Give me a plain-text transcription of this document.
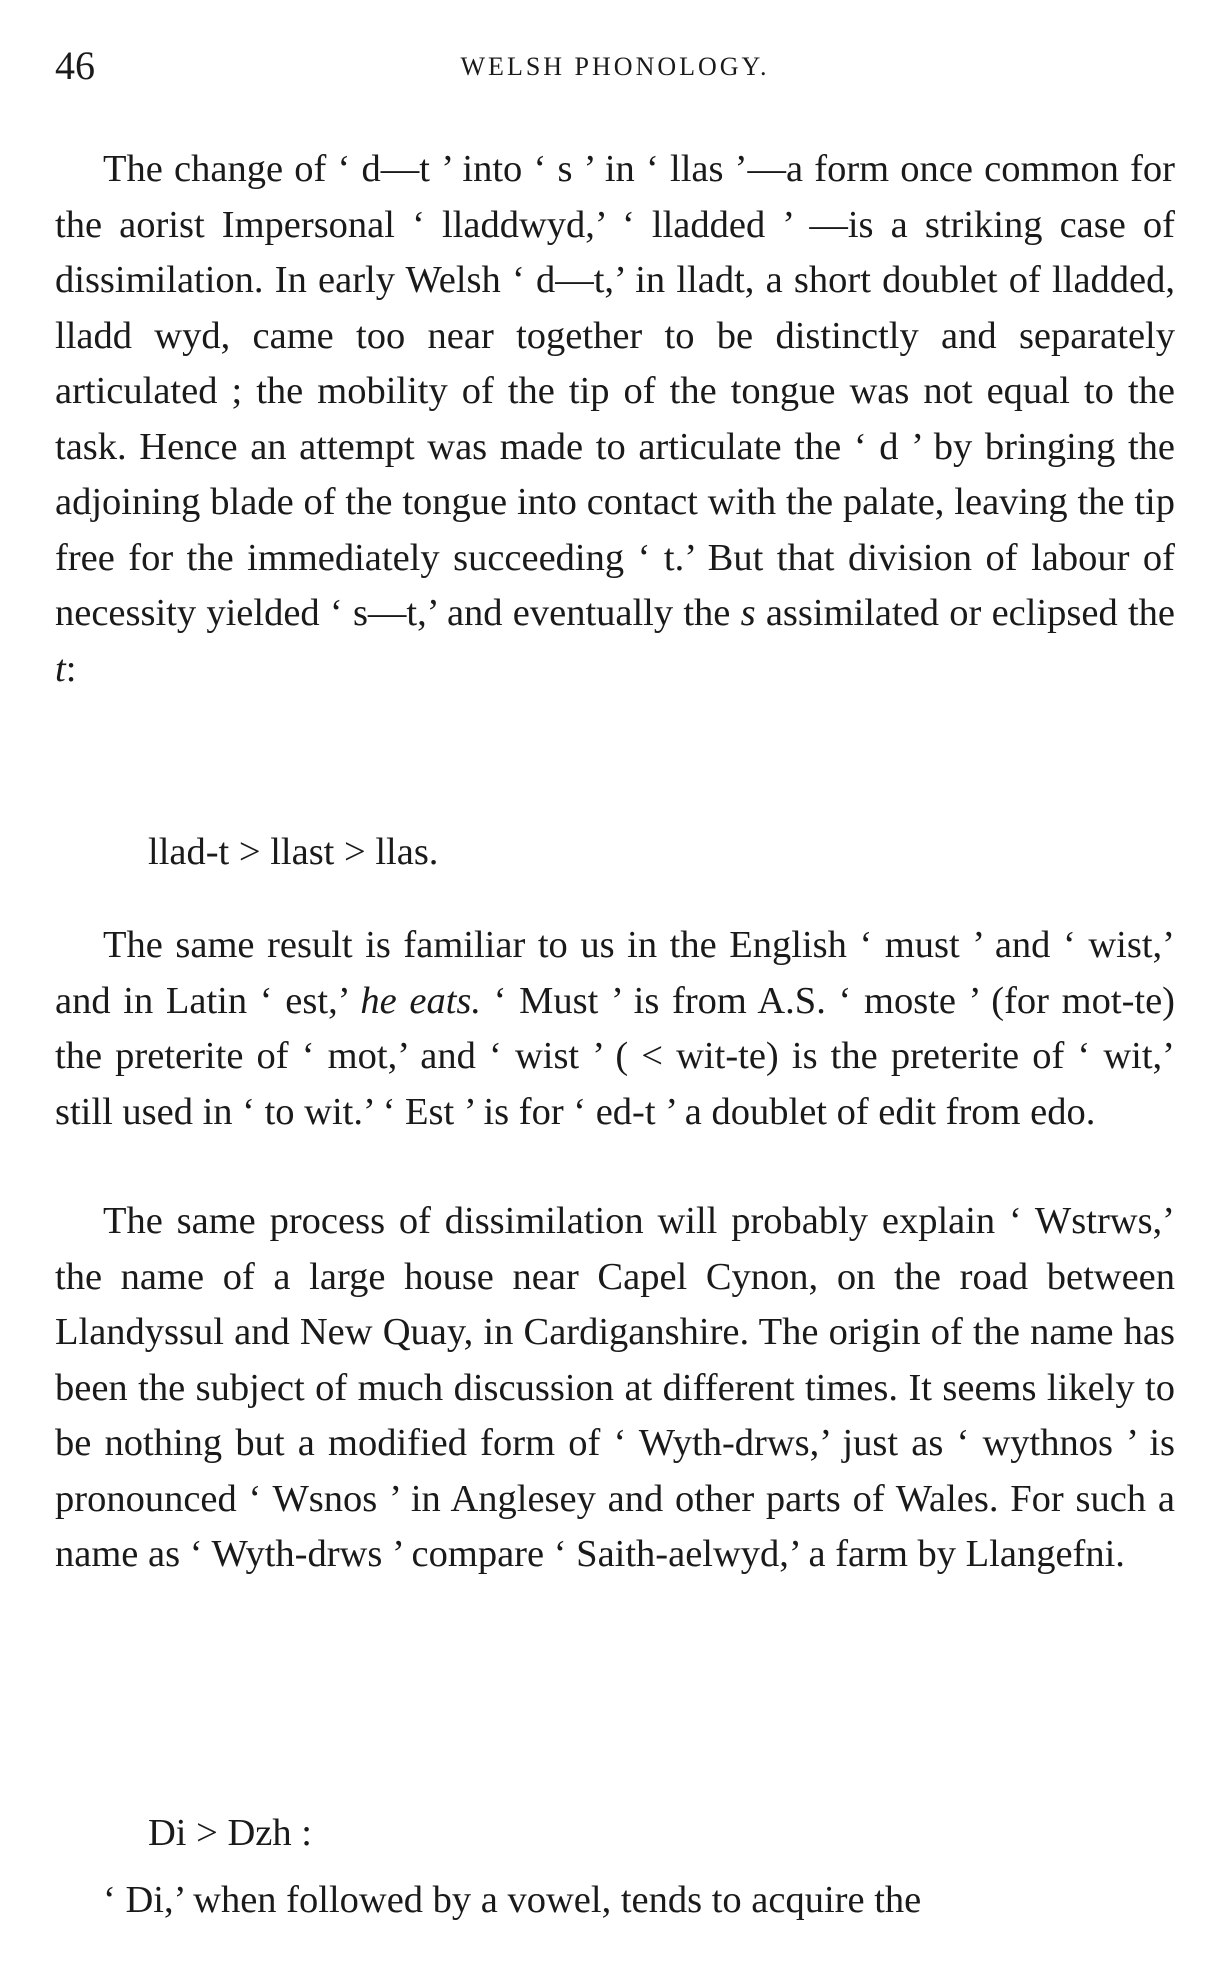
46	WELSH PHONOLOGY.

The change of ‘ d—t ’ into ‘ s ’ in ‘ llas ’—a form once common for the aorist Impersonal ‘ lladdwyd,’ ‘ lladded ’ —is a striking case of dissimilation. In early Welsh ‘ d—t,’ in lladt, a short doublet of lladded, lladd wyd, came too near together to be distinctly and separately articulated ; the mobility of the tip of the tongue was not equal to the task. Hence an attempt was made to articulate the ‘ d ’ by bringing the adjoining blade of the tongue into contact with the palate, leaving the tip free for the immediately succeeding ‘ t.’ But that division of labour of necessity yielded ‘ s—t,’ and eventually the s assimilated or eclipsed the t:

llad-t > llast > llas.

The same result is familiar to us in the English ‘ must ’ and ‘ wist,’ and in Latin ‘ est,’ he eats. ‘ Must ’ is from A.S. ‘ moste ’ (for mot-te) the preterite of ‘ mot,’ and ‘ wist ’ ( < wit-te) is the preterite of ‘ wit,’ still used in ‘ to wit.’ ‘ Est ’ is for ‘ ed-t ’ a doublet of edit from edo.

The same process of dissimilation will probably explain ‘ Wstrws,’ the name of a large house near Capel Cynon, on the road between Llandyssul and New Quay, in Cardiganshire. The origin of the name has been the subject of much discussion at different times. It seems likely to be nothing but a modified form of ‘ Wyth-drws,’ just as ‘ wythnos ’ is pronounced ‘ Wsnos ’ in Anglesey and other parts of Wales. For such a name as ‘ Wyth-drws ’ compare ‘ Saith-aelwyd,’ a farm by Llangefni.

Di > Dzh :

‘ Di,’ when followed by a vowel, tends to acquire the
